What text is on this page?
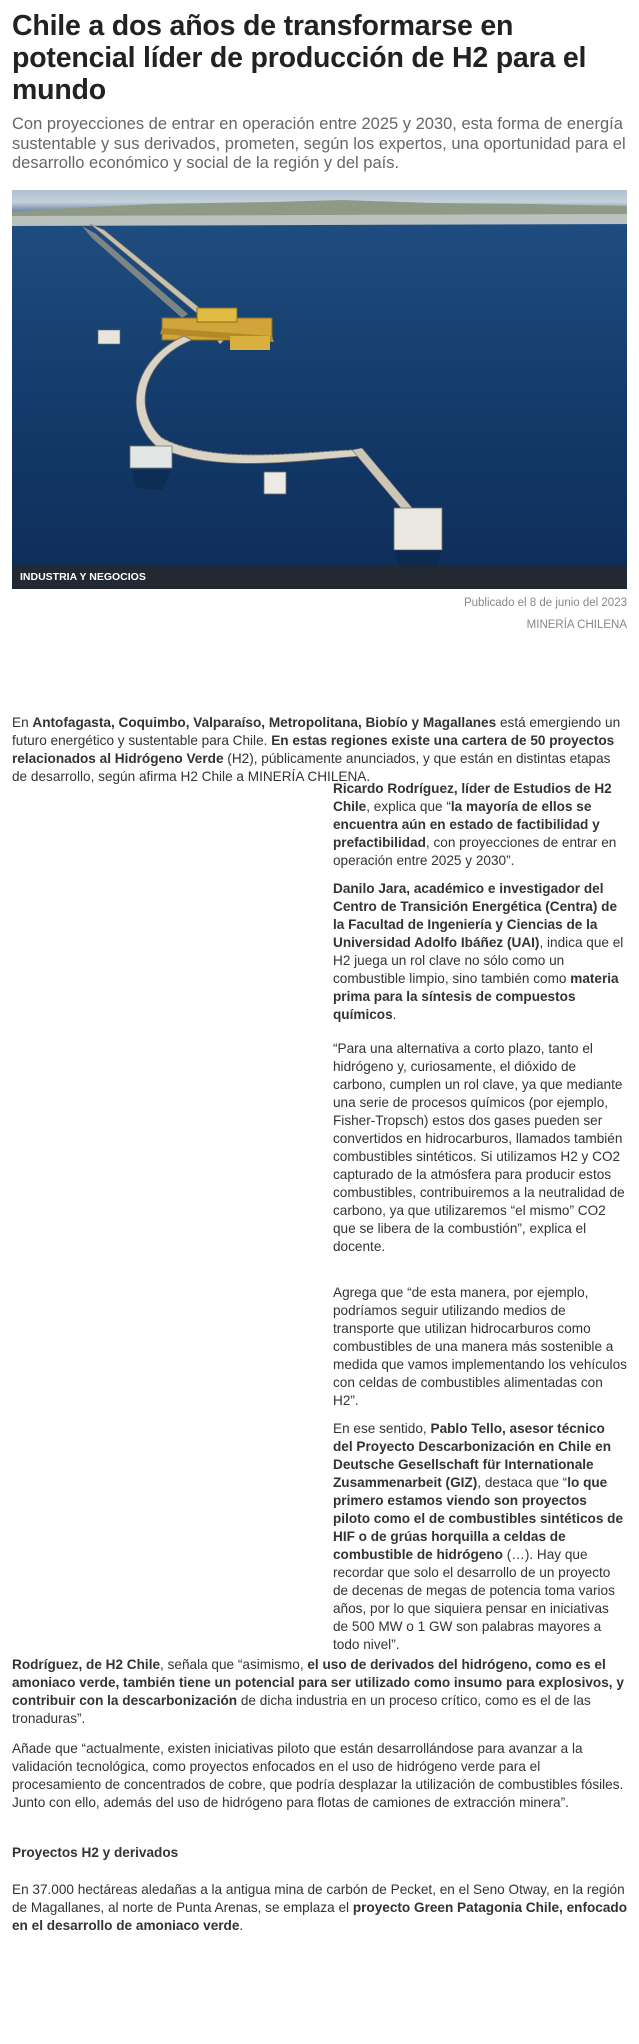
Chile a dos años de transformarse en potencial líder de producción de H2 para el mundo

Con proyecciones de entrar en operación entre 2025 y 2030, esta forma de energía sustentable y sus derivados, prometen, según los expertos, una oportunidad para el desarrollo económico y social de la región y del país.

INDUSTRIA Y NEGOCIOS
Publicado el 8 de junio del 2023
MINERÍA CHILENA

En Antofagasta, Coquimbo, Valparaíso, Metropolitana, Biobío y Magallanes está emergiendo un futuro energético y sustentable para Chile. En estas regiones existe una cartera de 50 proyectos relacionados al Hidrógeno Verde (H2), públicamente anunciados, y que están en distintas etapas de desarrollo, según afirma H2 Chile a MINERÍA CHILENA.

Ricardo Rodríguez, líder de Estudios de H2 Chile, explica que “la mayoría de ellos se encuentra aún en estado de factibilidad y prefactibilidad, con proyecciones de entrar en operación entre 2025 y 2030”.

Danilo Jara, académico e investigador del Centro de Transición Energética (Centra) de la Facultad de Ingeniería y Ciencias de la Universidad Adolfo Ibáñez (UAI), indica que el H2 juega un rol clave no sólo como un combustible limpio, sino también como materia prima para la síntesis de compuestos químicos.

“Para una alternativa a corto plazo, tanto el hidrógeno y, curiosamente, el dióxido de carbono, cumplen un rol clave, ya que mediante una serie de procesos químicos (por ejemplo, Fisher-Tropsch) estos dos gases pueden ser convertidos en hidrocarburos, llamados también combustibles sintéticos. Si utilizamos H2 y CO2 capturado de la atmósfera para producir estos combustibles, contribuiremos a la neutralidad de carbono, ya que utilizaremos “el mismo” CO2 que se libera de la combustión”, explica el docente.

Agrega que “de esta manera, por ejemplo, podríamos seguir utilizando medios de transporte que utilizan hidrocarburos como combustibles de una manera más sostenible a medida que vamos implementando los vehículos con celdas de combustibles alimentadas con H2”.

En ese sentido, Pablo Tello, asesor técnico del Proyecto Descarbonización en Chile en Deutsche Gesellschaft für Internationale Zusammenarbeit (GIZ), destaca que “lo que primero estamos viendo son proyectos piloto como el de combustibles sintéticos de HIF o de grúas horquilla a celdas de combustible de hidrógeno (…). Hay que recordar que solo el desarrollo de un proyecto de decenas de megas de potencia toma varios años, por lo que siquiera pensar en iniciativas de 500 MW o 1 GW son palabras mayores a todo nivel”.

Rodríguez, de H2 Chile, señala que “asimismo, el uso de derivados del hidrógeno, como es el amoniaco verde, también tiene un potencial para ser utilizado como insumo para explosivos, y contribuir con la descarbonización de dicha industria en un proceso crítico, como es el de las tronaduras”.

Añade que “actualmente, existen iniciativas piloto que están desarrollándose para avanzar a la validación tecnológica, como proyectos enfocados en el uso de hidrógeno verde para el procesamiento de concentrados de cobre, que podría desplazar la utilización de combustibles fósiles. Junto con ello, además del uso de hidrógeno para flotas de camiones de extracción minera”.

Proyectos H2 y derivados

En 37.000 hectáreas aledañas a la antigua mina de carbón de Pecket, en el Seno Otway, en la región de Magallanes, al norte de Punta Arenas, se emplaza el proyecto Green Patagonia Chile, enfocado en el desarrollo de amoniaco verde.
